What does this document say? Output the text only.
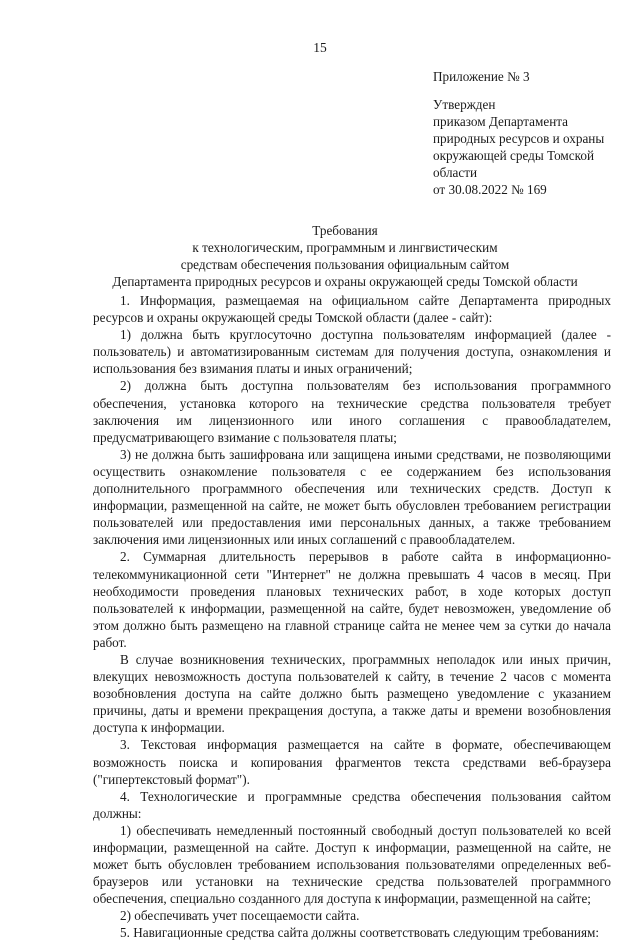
15
Приложение № 3
Утвержден
приказом Департамента
природных ресурсов и охраны
окружающей среды Томской
области
от 30.08.2022 № 169
Требования
к технологическим, программным и лингвистическим
средствам обеспечения пользования официальным сайтом
Департамента природных ресурсов и охраны окружающей среды Томской области

1. Информация, размещаемая на официальном сайте Департамента природных ресурсов и охраны окружающей среды Томской области (далее - сайт):

1) должна быть круглосуточно доступна пользователям информацией (далее - пользователь) и автоматизированным системам для получения доступа, ознакомления и использования без взимания платы и иных ограничений;

2) должна быть доступна пользователям без использования программного обеспечения, установка которого на технические средства пользователя требует заключения им лицензионного или иного соглашения с правообладателем, предусматривающего взимание с пользователя платы;

3) не должна быть зашифрована или защищена иными средствами, не позволяющими осуществить ознакомление пользователя с ее содержанием без использования дополнительного программного обеспечения или технических средств. Доступ к информации, размещенной на сайте, не может быть обусловлен требованием регистрации пользователей или предоставления ими персональных данных, а также требованием заключения ими лицензионных или иных соглашений с правообладателем.

2. Суммарная длительность перерывов в работе сайта в информационно-телекоммуникационной сети "Интернет" не должна превышать 4 часов в месяц. При необходимости проведения плановых технических работ, в ходе которых доступ пользователей к информации, размещенной на сайте, будет невозможен, уведомление об этом должно быть размещено на главной странице сайта не менее чем за сутки до начала работ.

В случае возникновения технических, программных неполадок или иных причин, влекущих невозможность доступа пользователей к сайту, в течение 2 часов с момента возобновления доступа на сайте должно быть размещено уведомление с указанием причины, даты и времени прекращения доступа, а также даты и времени возобновления доступа к информации.

3. Текстовая информация размещается на сайте в формате, обеспечивающем возможность поиска и копирования фрагментов текста средствами веб-браузера ("гипертекстовый формат").

4. Технологические и программные средства обеспечения пользования сайтом должны:

1) обеспечивать немедленный постоянный свободный доступ пользователей ко всей информации, размещенной на сайте. Доступ к информации, размещенной на сайте, не может быть обусловлен требованием использования пользователями определенных веб-браузеров или установки на технические средства пользователей программного обеспечения, специально созданного для доступа к информации, размещенной на сайте;

2) обеспечивать учет посещаемости сайта.

5. Навигационные средства сайта должны соответствовать следующим требованиям:
